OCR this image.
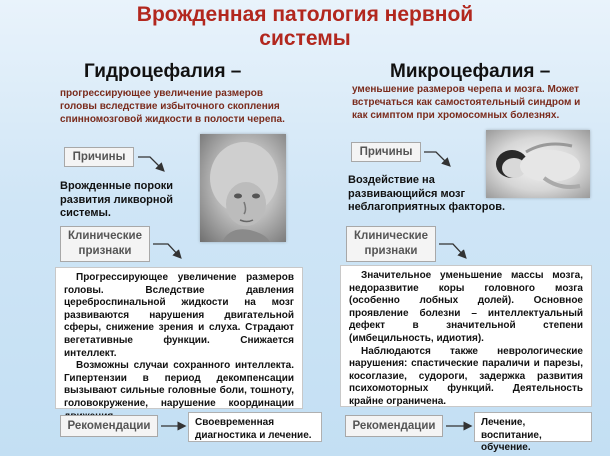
Врожденная патология нервной
системы
Гидроцефалия –
прогрессирующее увеличение размеров головы вследствие избыточного скопления спинномозговой жидкости в полости черепа.
Причины
Врожденные пороки развития ликворной системы.
Клинические признаки

Прогрессирующее увеличение размеров головы. Вследствие давления цереброспинальной жидкости на мозг развиваются нарушения двигательной сферы, снижение зрения и слуха. Страдают вегетативные функции. Снижается интеллект.

Возможны случаи сохранного интеллекта. Гипертензии в период декомпенсации вызывают сильные головные боли, тошноту, головокружение, нарушение координации

Рекомендации	Своевременная диагностика и лечение.
Микроцефалия –
уменьшение размеров черепа и мозга. Может встречаться как самостоятельный синдром и как симптом при хромосомных болезнях.
Причины
Воздействие на развивающийся мозг неблагоприятных факторов.
Клинические признаки

Значительное уменьшение массы мозга, недоразвитие коры головного мозга (особенно лобных долей). Основное проявление болезни – интеллектуальный дефект в значительной степени (имбецильность, идиотия).

Наблюдаются также неврологические нарушения: спастические параличи и парезы, косоглазие, судороги, задержка развития психомоторных функций. Деятельность крайне ограничена.

Рекомендации	Лечение, воспитание, обучение.
